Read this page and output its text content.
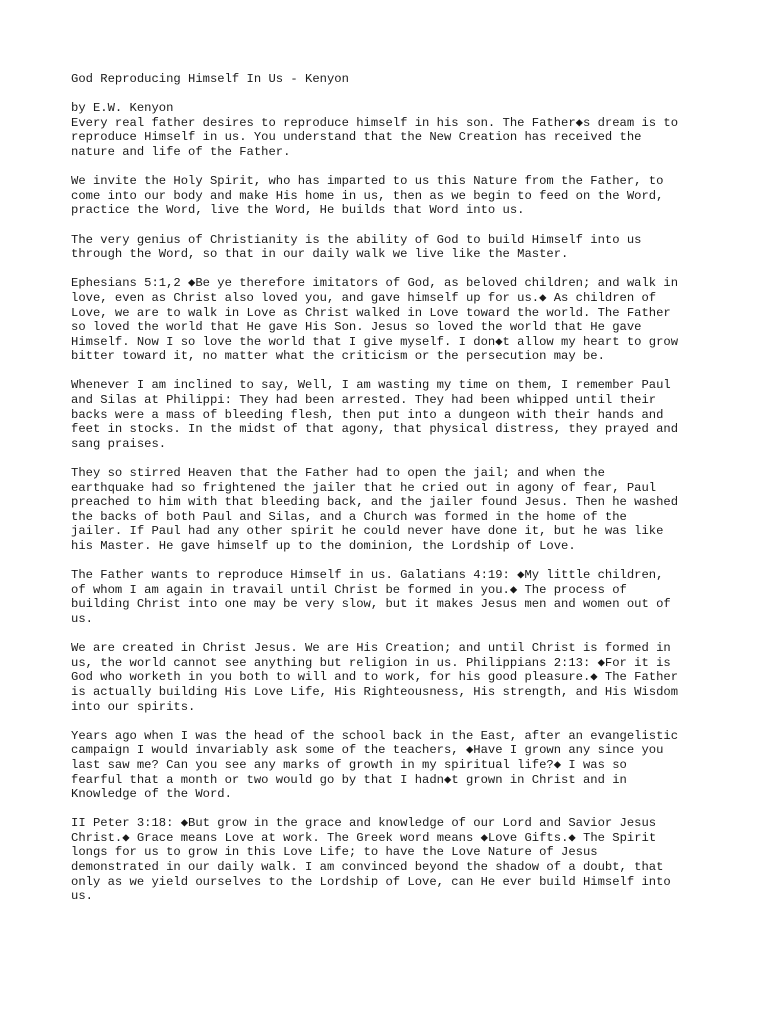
God Reproducing Himself In Us - Kenyon
by E.W. Kenyon
Every real father desires to reproduce himself in his son. The Father◆s dream is to
reproduce Himself in us. You understand that the New Creation has received the
nature and life of the Father.
We invite the Holy Spirit, who has imparted to us this Nature from the Father, to
come into our body and make His home in us, then as we begin to feed on the Word,
practice the Word, live the Word, He builds that Word into us.
The very genius of Christianity is the ability of God to build Himself into us
through the Word, so that in our daily walk we live like the Master.
Ephesians 5:1,2 ◆Be ye therefore imitators of God, as beloved children; and walk in
love, even as Christ also loved you, and gave himself up for us.◆ As children of
Love, we are to walk in Love as Christ walked in Love toward the world. The Father
so loved the world that He gave His Son. Jesus so loved the world that He gave
Himself. Now I so love the world that I give myself. I don◆t allow my heart to grow
bitter toward it, no matter what the criticism or the persecution may be.
Whenever I am inclined to say, Well, I am wasting my time on them, I remember Paul
and Silas at Philippi: They had been arrested. They had been whipped until their
backs were a mass of bleeding flesh, then put into a dungeon with their hands and
feet in stocks. In the midst of that agony, that physical distress, they prayed and
sang praises.
They so stirred Heaven that the Father had to open the jail; and when the
earthquake had so frightened the jailer that he cried out in agony of fear, Paul
preached to him with that bleeding back, and the jailer found Jesus. Then he washed
the backs of both Paul and Silas, and a Church was formed in the home of the
jailer. If Paul had any other spirit he could never have done it, but he was like
his Master. He gave himself up to the dominion, the Lordship of Love.
The Father wants to reproduce Himself in us. Galatians 4:19: ◆My little children,
of whom I am again in travail until Christ be formed in you.◆ The process of
building Christ into one may be very slow, but it makes Jesus men and women out of
us.
We are created in Christ Jesus. We are His Creation; and until Christ is formed in
us, the world cannot see anything but religion in us. Philippians 2:13: ◆For it is
God who worketh in you both to will and to work, for his good pleasure.◆ The Father
is actually building His Love Life, His Righteousness, His strength, and His Wisdom
into our spirits.
Years ago when I was the head of the school back in the East, after an evangelistic
campaign I would invariably ask some of the teachers, ◆Have I grown any since you
last saw me? Can you see any marks of growth in my spiritual life?◆ I was so
fearful that a month or two would go by that I hadn◆t grown in Christ and in
Knowledge of the Word.
II Peter 3:18: ◆But grow in the grace and knowledge of our Lord and Savior Jesus
Christ.◆ Grace means Love at work. The Greek word means ◆Love Gifts.◆ The Spirit
longs for us to grow in this Love Life; to have the Love Nature of Jesus
demonstrated in our daily walk. I am convinced beyond the shadow of a doubt, that
only as we yield ourselves to the Lordship of Love, can He ever build Himself into
us.
